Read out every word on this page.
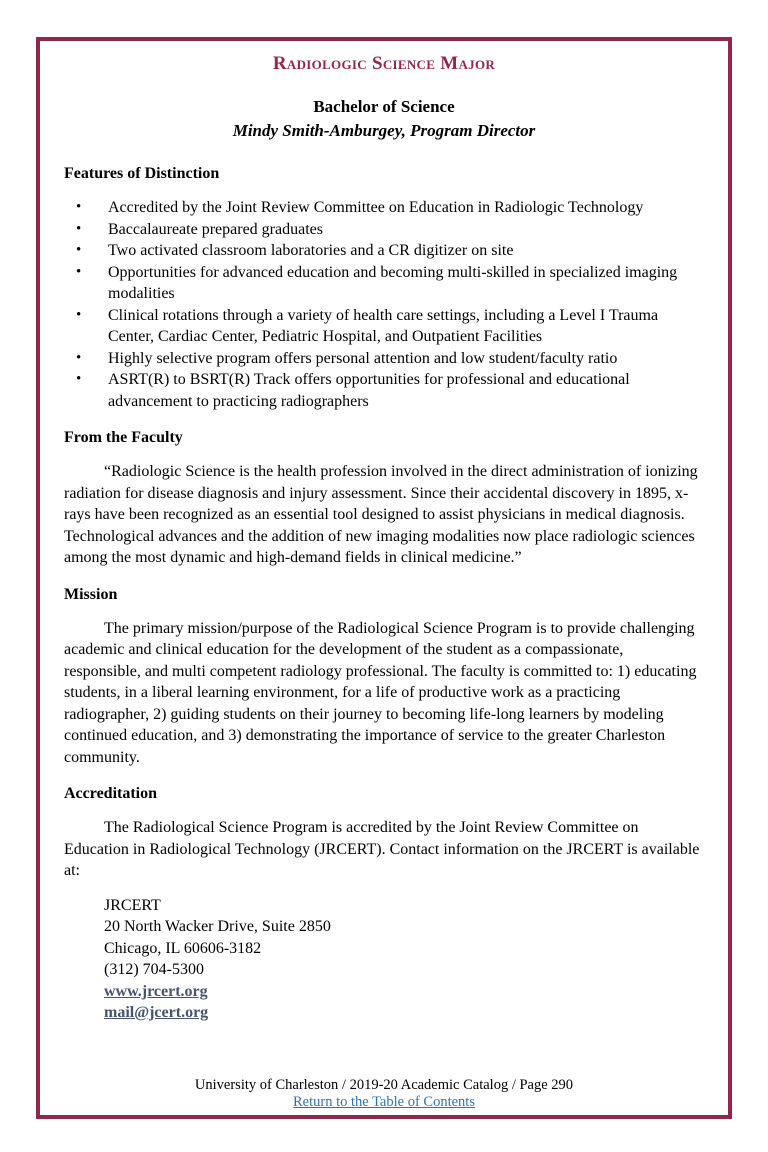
Radiologic Science Major
Bachelor of Science
Mindy Smith-Amburgey, Program Director
Features of Distinction
• Accredited by the Joint Review Committee on Education in Radiologic Technology
• Baccalaureate prepared graduates
• Two activated classroom laboratories and a CR digitizer on site
• Opportunities for advanced education and becoming multi-skilled in specialized imaging modalities
• Clinical rotations through a variety of health care settings, including a Level I Trauma Center, Cardiac Center, Pediatric Hospital, and Outpatient Facilities
• Highly selective program offers personal attention and low student/faculty ratio
• ASRT(R) to BSRT(R) Track offers opportunities for professional and educational advancement to practicing radiographers
From the Faculty

“Radiologic Science is the health profession involved in the direct administration of ionizing radiation for disease diagnosis and injury assessment. Since their accidental discovery in 1895, x-rays have been recognized as an essential tool designed to assist physicians in medical diagnosis. Technological advances and the addition of new imaging modalities now place radiologic sciences among the most dynamic and high-demand fields in clinical medicine.”

Mission

The primary mission/purpose of the Radiological Science Program is to provide challenging academic and clinical education for the development of the student as a compassionate, responsible, and multi competent radiology professional. The faculty is committed to: 1) educating students, in a liberal learning environment, for a life of productive work as a practicing radiographer, 2) guiding students on their journey to becoming life-long learners by modeling continued education, and 3) demonstrating the importance of service to the greater Charleston community.

Accreditation

The Radiological Science Program is accredited by the Joint Review Committee on Education in Radiological Technology (JRCERT). Contact information on the JRCERT is available at:

JRCERT
20 North Wacker Drive, Suite 2850
Chicago, IL 60606-3182
(312) 704-5300
www.jrcert.org
mail@jcert.org
University of Charleston / 2019-20 Academic Catalog / Page 290
Return to the Table of Contents
